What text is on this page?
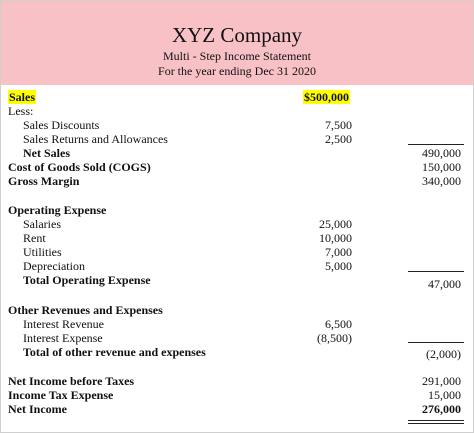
XYZ Company
Multi - Step Income Statement
For the year ending Dec 31 2020
Sales	$500,000
Less:
Sales Discounts	7,500
Sales Returns and Allowances	2,500
Net Sales	490,000
Cost of Goods Sold (COGS)	150,000
Gross Margin	340,000
Operating Expense
Salaries	25,000
Rent	10,000
Utilities	7,000
Depreciation	5,000
Total Operating Expense	47,000
Other Revenues and Expenses
Interest Revenue	6,500
Interest Expense	(8,500)
Total of other revenue and expenses	(2,000)
Net Income before Taxes	291,000
Income Tax Expense	15,000
Net Income	276,000
